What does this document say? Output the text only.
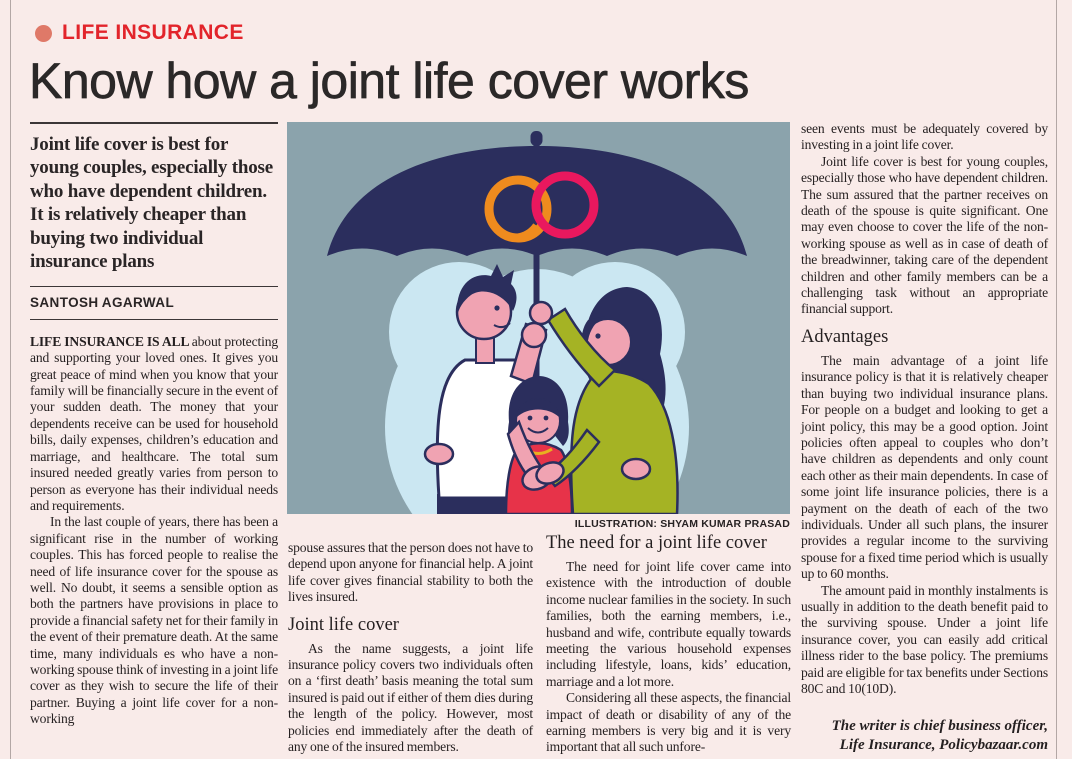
LIFE INSURANCE
Know how a joint life cover works
Joint life cover is best for young couples, especially those who have dependent children. It is relatively cheaper than buying two individual insurance plans
SANTOSH AGARWAL

LIFE INSURANCE IS ALL about protecting and supporting your loved ones. It gives you great peace of mind when you know that your family will be financially secure in the event of your sudden death. The money that your dependents receive can be used for household bills, daily expenses, children’s education and marriage, and healthcare. The total sum insured needed greatly varies from person to person as everyone has their individual needs and requirements.

In the last couple of years, there has been a significant rise in the number of working couples. This has forced people to realise the need of life insurance cover for the spouse as well. No doubt, it seems a sensible option as both the partners have provisions in place to provide a financial safety net for their family in the event of their premature death. At the same time, many individuals es who have a non-working spouse think of investing in a joint life cover as they wish to secure the life of their partner. Buying a joint life cover for a non-working

ILLUSTRATION: SHYAM KUMAR PRASAD

spouse assures that the person does not have to depend upon anyone for financial help. A joint life cover gives financial stability to both the lives insured.

Joint life cover

As the name suggests, a joint life insurance policy covers two individuals often on a ‘first death’ basis meaning the total sum insured is paid out if either of them dies during the length of the policy. However, most policies end immediately after the death of any one of the insured members.

The need for a joint life cover

The need for joint life cover came into existence with the introduction of double income nuclear families in the society. In such families, both the earning members, i.e., husband and wife, contribute equally towards meeting the various household expenses including lifestyle, loans, kids’ education, marriage and a lot more.

Considering all these aspects, the financial impact of death or disability of any of the earning members is very big and it is very important that all such unfore-

seen events must be adequately covered by investing in a joint life cover.

Joint life cover is best for young couples, especially those who have dependent children. The sum assured that the partner receives on death of the spouse is quite significant. One may even choose to cover the life of the non-working spouse as well as in case of death of the breadwinner, taking care of the dependent children and other family members can be a challenging task without an appropriate financial support.

Advantages

The main advantage of a joint life insurance policy is that it is relatively cheaper than buying two individual insurance plans. For people on a budget and looking to get a joint policy, this may be a good option. Joint policies often appeal to couples who don’t have children as dependents and only count each other as their main dependents. In case of some joint life insurance policies, there is a payment on the death of each of the two individuals. Under all such plans, the insurer provides a regular income to the surviving spouse for a fixed time period which is usually up to 60 months.

The amount paid in monthly instalments is usually in addition to the death benefit paid to the surviving spouse. Under a joint life insurance cover, you can easily add critical illness rider to the base policy. The premiums paid are eligible for tax benefits under Sections 80C and 10(10D).

The writer is chief business officer,
Life Insurance, Policybazaar.com
